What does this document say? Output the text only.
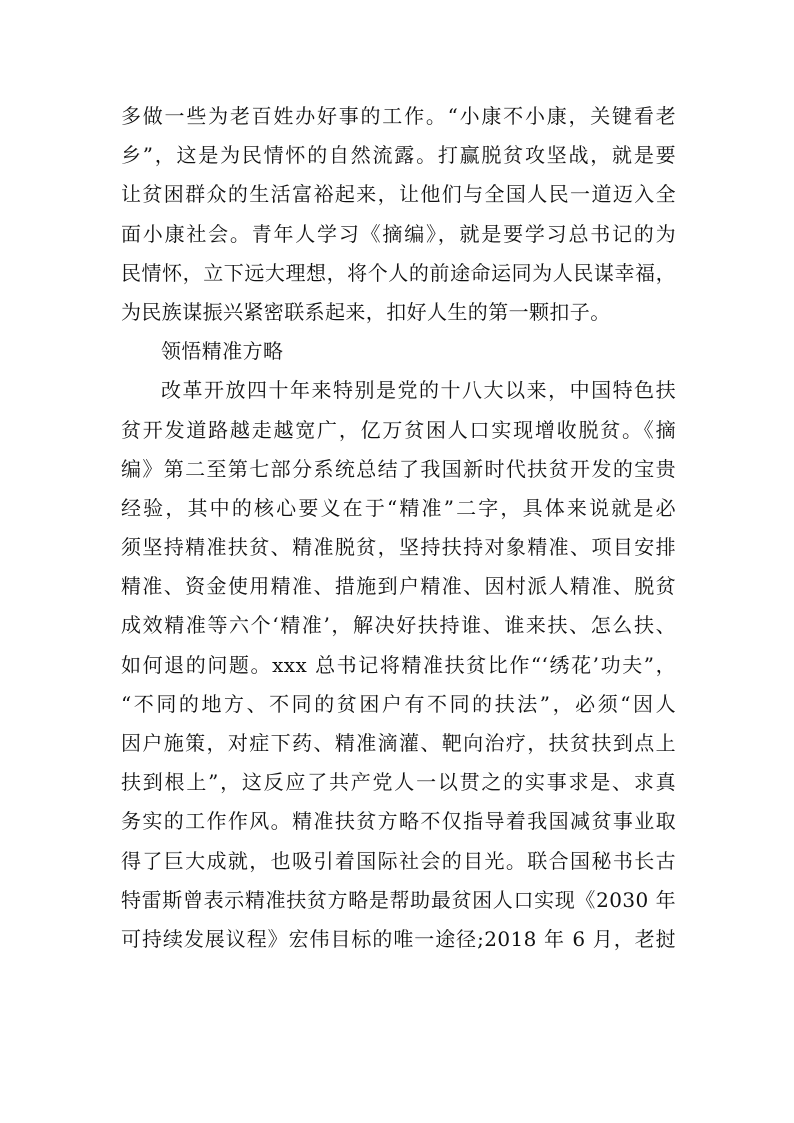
多做一些为老百姓办好事的工作。“小康不小康，关键看老
乡”，这是为民情怀的自然流露。打赢脱贫攻坚战，就是要
让贫困群众的生活富裕起来，让他们与全国人民一道迈入全
面小康社会。青年人学习《摘编》，就是要学习总书记的为
民情怀，立下远大理想，将个人的前途命运同为人民谋幸福，
为民族谋振兴紧密联系起来，扣好人生的第一颗扣子。
领悟精准方略
改革开放四十年来特别是党的十八大以来，中国特色扶
贫开发道路越走越宽广，亿万贫困人口实现增收脱贫。《摘
编》第二至第七部分系统总结了我国新时代扶贫开发的宝贵
经验，其中的核心要义在于“精准”二字，具体来说就是必
须坚持精准扶贫、精准脱贫，坚持扶持对象精准、项目安排
精准、资金使用精准、措施到户精准、因村派人精准、脱贫
成效精准等六个‘精准’，解决好扶持谁、谁来扶、怎么扶、
如何退的问题。xxx 总书记将精准扶贫比作“‘绣花’功夫”，
“不同的地方、不同的贫困户有不同的扶法”，必须“因人
因户施策，对症下药、精准滴灌、靶向治疗，扶贫扶到点上
扶到根上”，这反应了共产党人一以贯之的实事求是、求真
务实的工作作风。精准扶贫方略不仅指导着我国减贫事业取
得了巨大成就，也吸引着国际社会的目光。联合国秘书长古
特雷斯曾表示精准扶贫方略是帮助最贫困人口实现《2030 年
可持续发展议程》宏伟目标的唯一途径;2018 年 6 月，老挝
